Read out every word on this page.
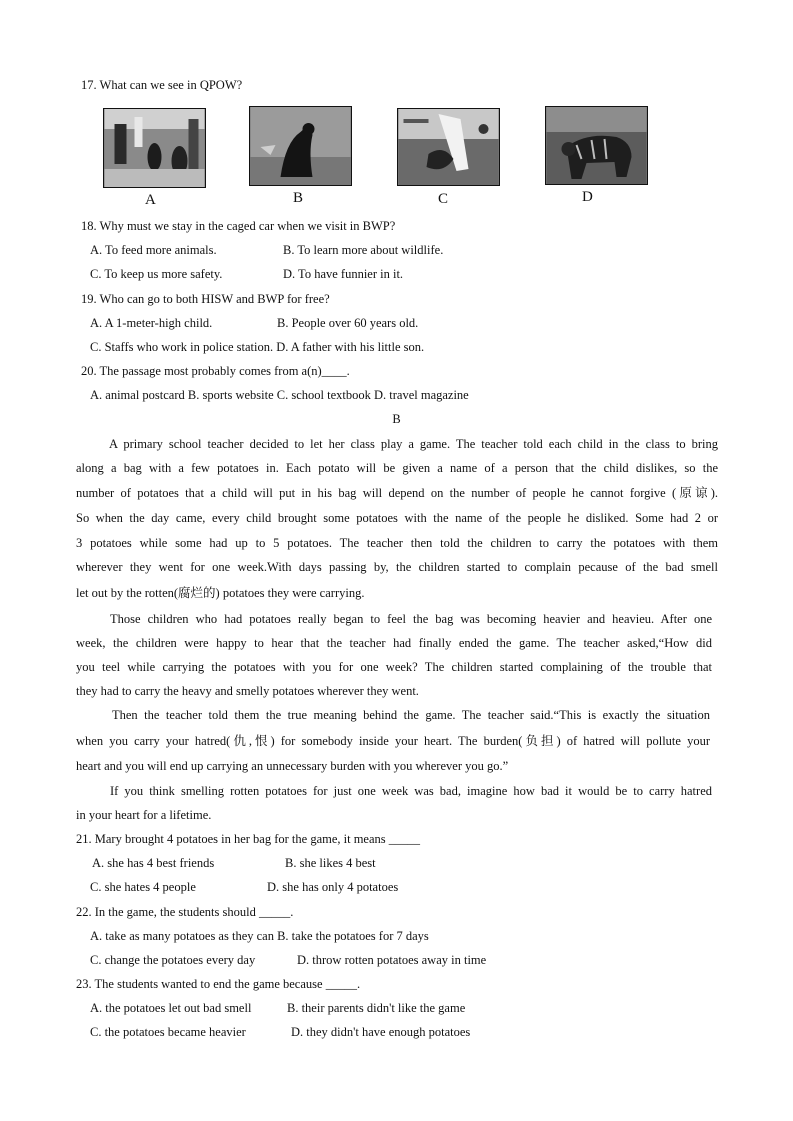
17. What can we see in QPOW?
A	B	C	D
18. Why must we stay in the caged car when we visit in BWP?
A. To feed more animals.	B. To learn more about wildlife.
C. To keep us more safety.	D. To have funnier in it.
19. Who can go to both HISW and BWP for free?
A. A 1-meter-high child.	B. People over 60 years old.
C. Staffs who work in police station. D. A father with his little son.
20. The passage most probably comes from a(n)____.
A. animal postcard B. sports website C. school textbook D. travel magazine
B
A primary school teacher decided to let her class play a game. The teacher told each child in the class to bring
along a bag with a few potatoes in. Each potato will be given a name of a person that the child dislikes, so the
number of potatoes that a child will put in his bag will depend on the number of people he cannot forgive (原谅).
So when the day came, every child brought some potatoes with the name of the people he disliked. Some had 2 or
3 potatoes while some had up to 5 potatoes. The teacher then told the children to carry the potatoes with them
wherever they went for one week.With days passing by, the children started to complain pecause of the bad smell
let out by the rotten(腐烂的) potatoes they were carrying.
Those children who had potatoes really began to feel the bag was becoming heavier and heavieu. After one
week, the children were happy to hear that the teacher had finally ended the game. The teacher asked,“How did
you teel while carrying the potatoes with you for one week? The children started complaining of the trouble that
they had to carry the heavy and smelly potatoes wherever they went.
Then the teacher told them the true meaning behind the game. The teacher said.“This is exactly the situation
when you carry your hatred(仇,恨) for somebody inside your heart. The burden(负担) of hatred will pollute your
heart and you will end up carrying an unnecessary burden with you wherever you go.”
If you think smelling rotten potatoes for just one week was bad, imagine how bad it would be to carry hatred
in your heart for a lifetime.
21. Mary brought 4 potatoes in her bag for the game, it means _____
A. she has 4 best friends	B. she likes 4 best
C. she hates 4 people	D. she has only 4 potatoes
22. In the game, the students should _____.
A. take as many potatoes as they can B. take the potatoes for 7 days
C. change the potatoes every day	D. throw rotten potatoes away in time
23. The students wanted to end the game because _____.
A. the potatoes let out bad smell	B. their parents didn't like the game
C. the potatoes became heavier	D. they didn't have enough potatoes
